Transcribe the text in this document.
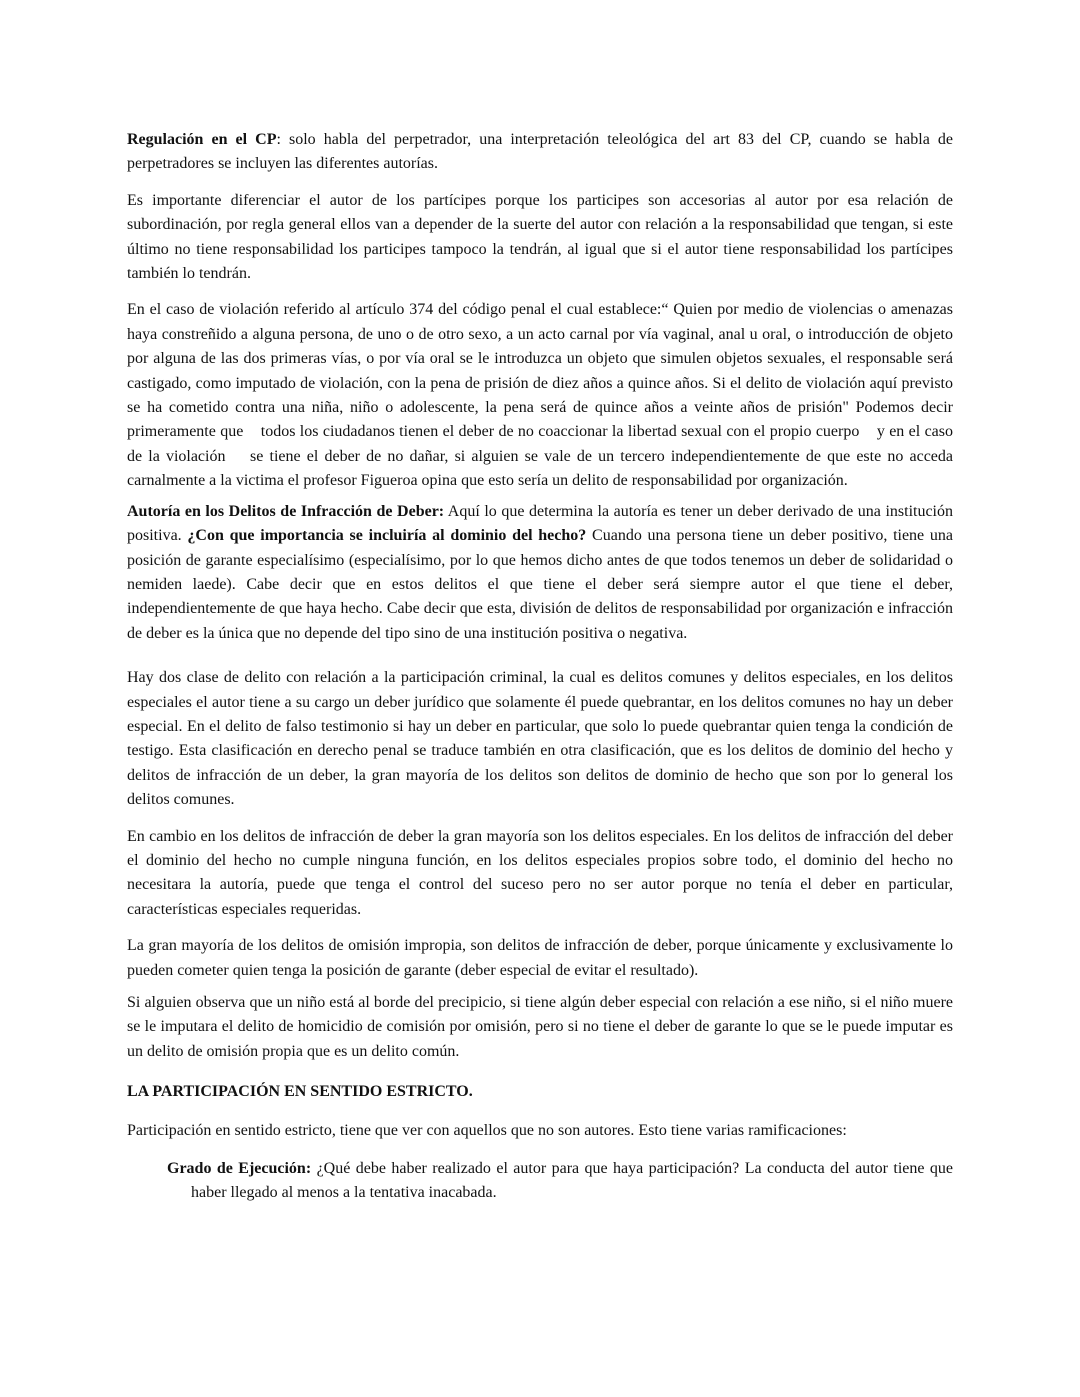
Regulación en el CP: solo habla del perpetrador, una interpretación teleológica del art 83 del CP, cuando se habla de perpetradores se incluyen las diferentes autorías.

Es importante diferenciar el autor de los partícipes porque los participes son accesorias al autor por esa relación de subordinación, por regla general ellos van a depender de la suerte del autor con relación a la responsabilidad que tengan, si este último no tiene responsabilidad los participes tampoco la tendrán, al igual que si el autor tiene responsabilidad los partícipes también lo tendrán.

En el caso de violación referido al artículo 374 del código penal el cual establece:“ Quien por medio de violencias o amenazas haya constreñido a alguna persona, de uno o de otro sexo, a un acto carnal por vía vaginal, anal u oral, o introducción de objeto por alguna de las dos primeras vías, o por vía oral se le introduzca un objeto que simulen objetos sexuales, el responsable será castigado, como imputado de violación, con la pena de prisión de diez años a quince años. Si el delito de violación aquí previsto se ha cometido contra una niña, niño o adolescente, la pena será de quince años a veinte años de prisión" Podemos decir primeramente que    todos los ciudadanos tienen el deber de no coaccionar la libertad sexual con el propio cuerpo    y en el caso de la violación    se tiene el deber de no dañar, si alguien se vale de un tercero independientemente de que este no acceda carnalmente a la victima el profesor Figueroa opina que esto sería un delito de responsabilidad por organización.

Autoría en los Delitos de Infracción de Deber: Aquí lo que determina la autoría es tener un deber derivado de una institución positiva. ¿Con que importancia se incluiría al dominio del hecho? Cuando una persona tiene un deber positivo, tiene una posición de garante especialísimo (especialísimo, por lo que hemos dicho antes de que todos tenemos un deber de solidaridad o nemiden laede). Cabe decir que en estos delitos el que tiene el deber será siempre autor el que tiene el deber, independientemente de que haya hecho. Cabe decir que esta, división de delitos de responsabilidad por organización e infracción de deber es la única que no depende del tipo sino de una institución positiva o negativa.

Hay dos clase de delito con relación a la participación criminal, la cual es delitos comunes y delitos especiales, en los delitos especiales el autor tiene a su cargo un deber jurídico que solamente él puede quebrantar, en los delitos comunes no hay un deber especial. En el delito de falso testimonio si hay un deber en particular, que solo lo puede quebrantar quien tenga la condición de testigo. Esta clasificación en derecho penal se traduce también en otra clasificación, que es los delitos de dominio del hecho y delitos de infracción de un deber, la gran mayoría de los delitos son delitos de dominio de hecho que son por lo general los delitos comunes.

En cambio en los delitos de infracción de deber la gran mayoría son los delitos especiales. En los delitos de infracción del deber el dominio del hecho no cumple ninguna función, en los delitos especiales propios sobre todo, el dominio del hecho no necesitara la autoría, puede que tenga el control del suceso pero no ser autor porque no tenía el deber en particular, características especiales requeridas.

La gran mayoría de los delitos de omisión impropia, son delitos de infracción de deber, porque únicamente y exclusivamente lo pueden cometer quien tenga la posición de garante (deber especial de evitar el resultado).

Si alguien observa que un niño está al borde del precipicio, si tiene algún deber especial con relación a ese niño, si el niño muere se le imputara el delito de homicidio de comisión por omisión, pero si no tiene el deber de garante lo que se le puede imputar es un delito de omisión propia que es un delito común.

LA PARTICIPACIÓN EN SENTIDO ESTRICTO.

Participación en sentido estricto, tiene que ver con aquellos que no son autores. Esto tiene varias ramificaciones:

Grado de Ejecución: ¿Qué debe haber realizado el autor para que haya participación? La conducta del autor tiene que haber llegado al menos a la tentativa inacabada.
